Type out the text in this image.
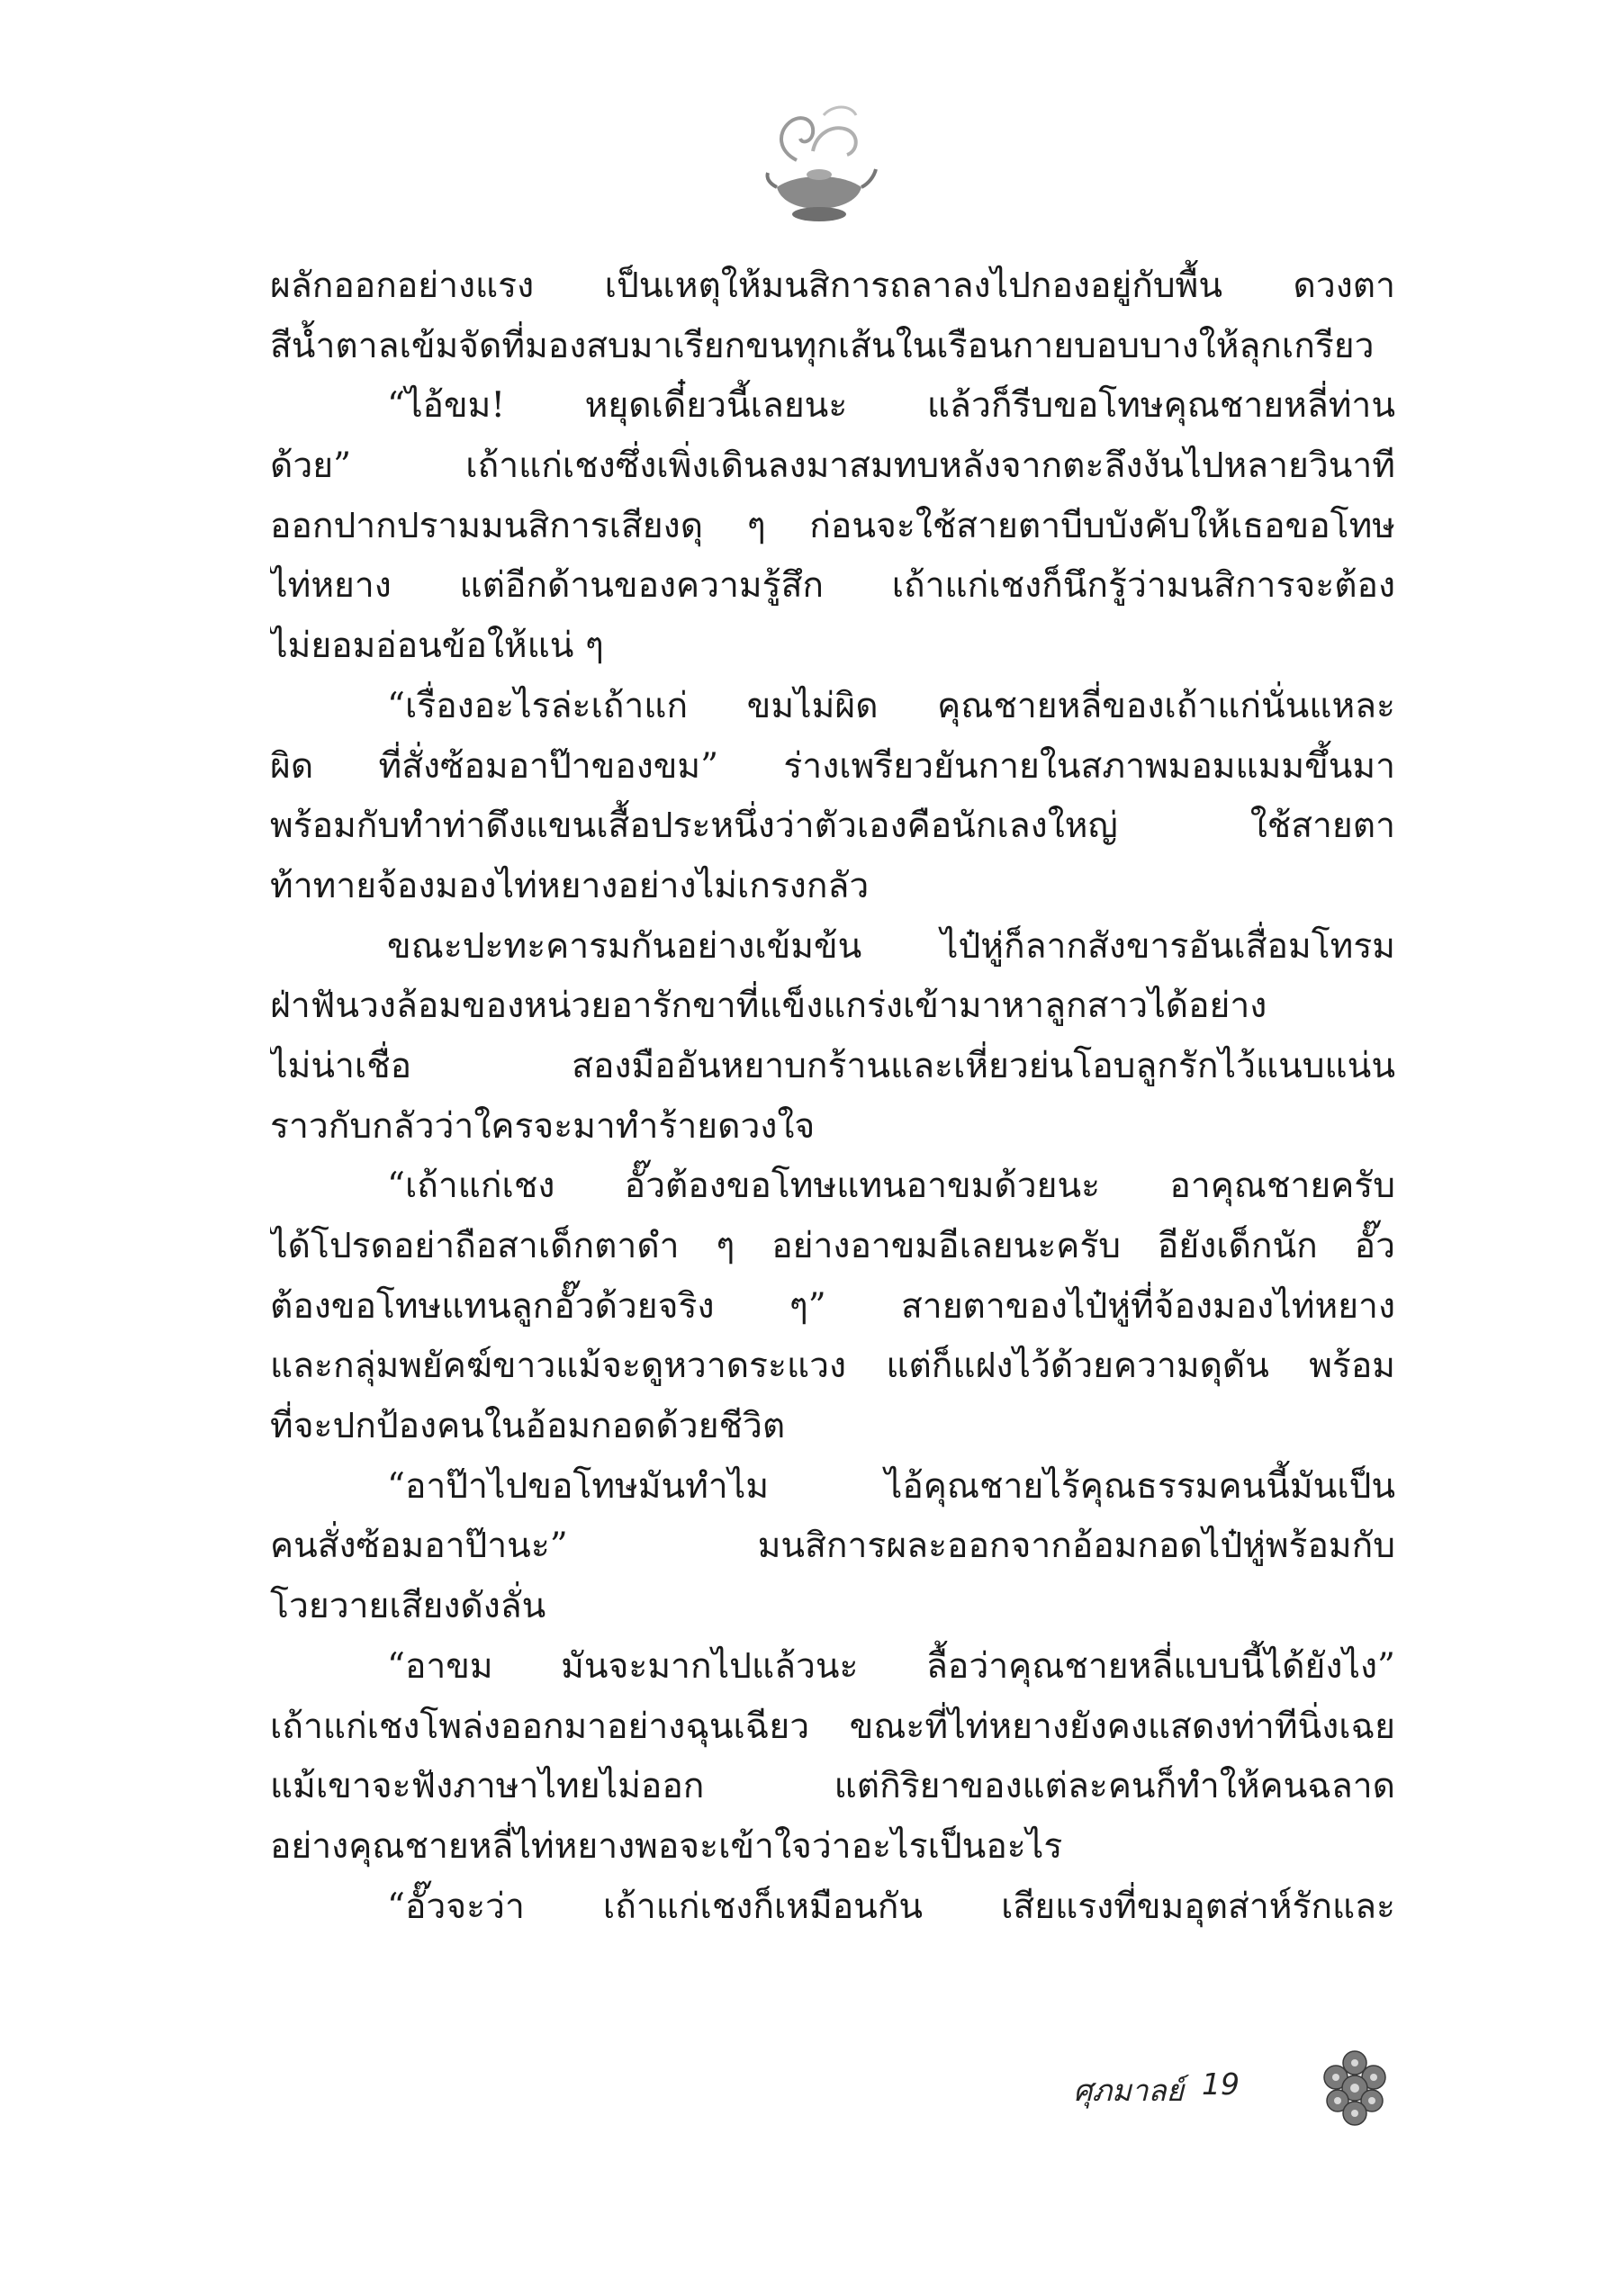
ผลักออกอย่างแรง เป็นเหตุให้มนสิการถลาลงไปกองอยู่กับพื้น ดวงตา
สีน้ำตาลเข้มจัดที่มองสบมาเรียกขนทุกเส้นในเรือนกายบอบบางให้ลุกเกรียว
“ไอ้ขม! หยุดเดี๋ยวนี้เลยนะ แล้วก็รีบขอโทษคุณชายหลี่ท่าน
ด้วย” เถ้าแก่เชงซึ่งเพิ่งเดินลงมาสมทบหลังจากตะลึงงันไปหลายวินาที
ออกปากปรามมนสิการเสียงดุ ๆ ก่อนจะใช้สายตาบีบบังคับให้เธอขอโทษ
ไท่หยาง แต่อีกด้านของความรู้สึก เถ้าแก่เชงก็นึกรู้ว่ามนสิการจะต้อง
ไม่ยอมอ่อนข้อให้แน่ ๆ
“เรื่องอะไรล่ะเถ้าแก่ ขมไม่ผิด คุณชายหลี่ของเถ้าแก่นั่นแหละ
ผิด ที่สั่งซ้อมอาป๊าของขม” ร่างเพรียวยันกายในสภาพมอมแมมขึ้นมา
พร้อมกับทำท่าดึงแขนเสื้อประหนึ่งว่าตัวเองคือนักเลงใหญ่ ใช้สายตา
ท้าทายจ้องมองไท่หยางอย่างไม่เกรงกลัว
ขณะปะทะคารมกันอย่างเข้มข้น ไป๋หู่ก็ลากสังขารอันเสื่อมโทรม
ฝ่าฟันวงล้อมของหน่วยอารักขาที่แข็งแกร่งเข้ามาหาลูกสาวได้อย่าง
ไม่น่าเชื่อ สองมืออันหยาบกร้านและเหี่ยวย่นโอบลูกรักไว้แนบแน่น
ราวกับกลัวว่าใครจะมาทำร้ายดวงใจ
“เถ้าแก่เชง อั๊วต้องขอโทษแทนอาขมด้วยนะ อาคุณชายครับ
ได้โปรดอย่าถือสาเด็กตาดำ ๆ อย่างอาขมอีเลยนะครับ อียังเด็กนัก อั๊ว
ต้องขอโทษแทนลูกอั๊วด้วยจริง ๆ” สายตาของไป๋หู่ที่จ้องมองไท่หยาง
และกลุ่มพยัคฆ์ขาวแม้จะดูหวาดระแวง แต่ก็แฝงไว้ด้วยความดุดัน พร้อม
ที่จะปกป้องคนในอ้อมกอดด้วยชีวิต
“อาป๊าไปขอโทษมันทำไม ไอ้คุณชายไร้คุณธรรมคนนี้มันเป็น
คนสั่งซ้อมอาป๊านะ” มนสิการผละออกจากอ้อมกอดไป๋หู่พร้อมกับ
โวยวายเสียงดังลั่น
“อาขม มันจะมากไปแล้วนะ ลื้อว่าคุณชายหลี่แบบนี้ได้ยังไง”
เถ้าแก่เชงโพล่งออกมาอย่างฉุนเฉียว ขณะที่ไท่หยางยังคงแสดงท่าทีนิ่งเฉย
แม้เขาจะฟังภาษาไทยไม่ออก แต่กิริยาของแต่ละคนก็ทำให้คนฉลาด
อย่างคุณชายหลี่ไท่หยางพอจะเข้าใจว่าอะไรเป็นอะไร
“อั๊วจะว่า เถ้าแก่เชงก็เหมือนกัน เสียแรงที่ขมอุตส่าห์รักและ
ศุภมาลย์ 19
